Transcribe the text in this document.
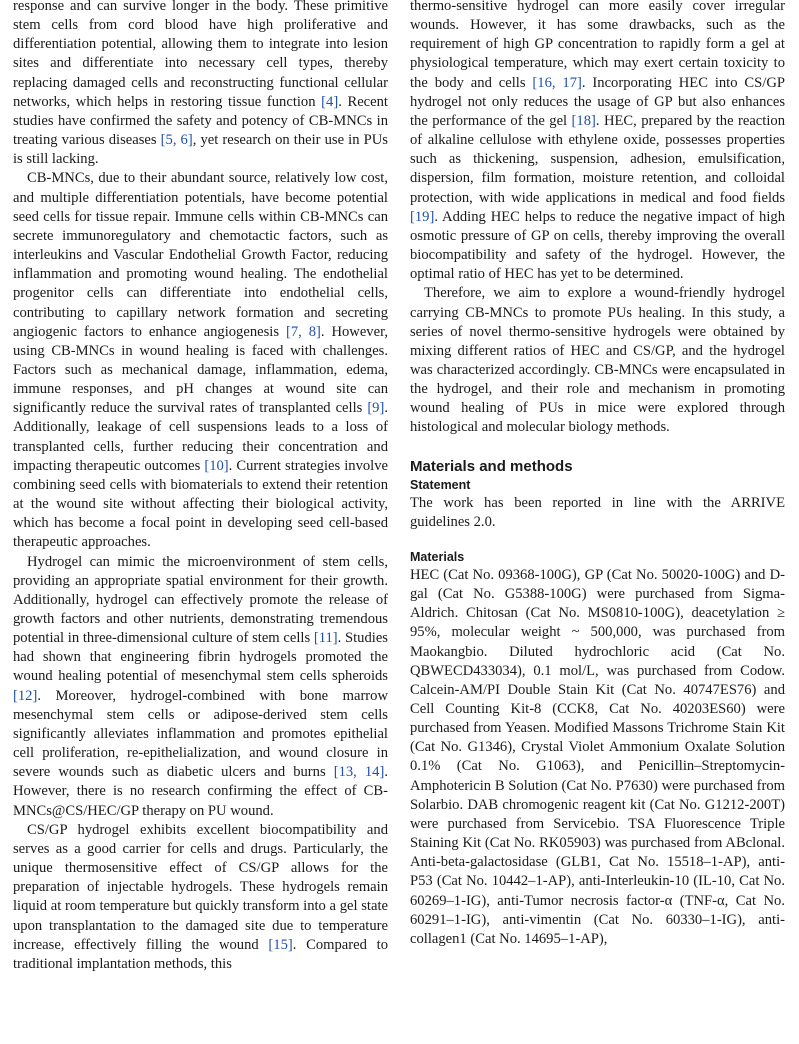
response and can survive longer in the body. These primitive stem cells from cord blood have high proliferative and differentiation potential, allowing them to integrate into lesion sites and differentiate into necessary cell types, thereby replacing damaged cells and reconstructing functional cellular networks, which helps in restoring tissue function [4]. Recent studies have confirmed the safety and potency of CB-MNCs in treating various diseases [5, 6], yet research on their use in PUs is still lacking.

CB-MNCs, due to their abundant source, relatively low cost, and multiple differentiation potentials, have become potential seed cells for tissue repair. Immune cells within CB-MNCs can secrete immunoregulatory and chemotactic factors, such as interleukins and Vascular Endothelial Growth Factor, reducing inflammation and promoting wound healing. The endothelial progenitor cells can differentiate into endothelial cells, contributing to capillary network formation and secreting angiogenic factors to enhance angiogenesis [7, 8]. However, using CB-MNCs in wound healing is faced with challenges. Factors such as mechanical damage, inflammation, edema, immune responses, and pH changes at wound site can significantly reduce the survival rates of transplanted cells [9]. Additionally, leakage of cell suspensions leads to a loss of transplanted cells, further reducing their concentration and impacting therapeutic outcomes [10]. Current strategies involve combining seed cells with biomaterials to extend their retention at the wound site without affecting their biological activity, which has become a focal point in developing seed cell-based therapeutic approaches.

Hydrogel can mimic the microenvironment of stem cells, providing an appropriate spatial environment for their growth. Additionally, hydrogel can effectively promote the release of growth factors and other nutrients, demonstrating tremendous potential in three-dimensional culture of stem cells [11]. Studies had shown that engineering fibrin hydrogels promoted the wound healing potential of mesenchymal stem cells spheroids [12]. Moreover, hydrogel-combined with bone marrow mesenchymal stem cells or adipose-derived stem cells significantly alleviates inflammation and promotes epithelial cell proliferation, re-epithelialization, and wound closure in severe wounds such as diabetic ulcers and burns [13, 14]. However, there is no research confirming the effect of CB-MNCs@CS/HEC/GP therapy on PU wound.

CS/GP hydrogel exhibits excellent biocompatibility and serves as a good carrier for cells and drugs. Particularly, the unique thermosensitive effect of CS/GP allows for the preparation of injectable hydrogels. These hydrogels remain liquid at room temperature but quickly transform into a gel state upon transplantation to the damaged site due to temperature increase, effectively filling the wound [15]. Compared to traditional implantation methods, this

thermo-sensitive hydrogel can more easily cover irregular wounds. However, it has some drawbacks, such as the requirement of high GP concentration to rapidly form a gel at physiological temperature, which may exert certain toxicity to the body and cells [16, 17]. Incorporating HEC into CS/GP hydrogel not only reduces the usage of GP but also enhances the performance of the gel [18]. HEC, prepared by the reaction of alkaline cellulose with ethylene oxide, possesses properties such as thickening, suspension, adhesion, emulsification, dispersion, film formation, moisture retention, and colloidal protection, with wide applications in medical and food fields [19]. Adding HEC helps to reduce the negative impact of high osmotic pressure of GP on cells, thereby improving the overall biocompatibility and safety of the hydrogel. However, the optimal ratio of HEC has yet to be determined.

Therefore, we aim to explore a wound-friendly hydrogel carrying CB-MNCs to promote PUs healing. In this study, a series of novel thermo-sensitive hydrogels were obtained by mixing different ratios of HEC and CS/GP, and the hydrogel was characterized accordingly. CB-MNCs were encapsulated in the hydrogel, and their role and mechanism in promoting wound healing of PUs in mice were explored through histological and molecular biology methods.

Materials and methods
Statement

The work has been reported in line with the ARRIVE guidelines 2.0.

Materials

HEC (Cat No. 09368-100G), GP (Cat No. 50020-100G) and D-gal (Cat No. G5388-100G) were purchased from Sigma-Aldrich. Chitosan (Cat No. MS0810-100G), deacetylation ≥ 95%, molecular weight ~ 500,000, was purchased from Maokangbio. Diluted hydrochloric acid (Cat No. QBWECD433034), 0.1 mol/L, was purchased from Codow. Calcein-AM/PI Double Stain Kit (Cat No. 40747ES76) and Cell Counting Kit-8 (CCK8, Cat No. 40203ES60) were purchased from Yeasen. Modified Massons Trichrome Stain Kit (Cat No. G1346), Crystal Violet Ammonium Oxalate Solution 0.1% (Cat No. G1063), and Penicillin–Streptomycin- Amphotericin B Solution (Cat No. P7630) were purchased from Solarbio. DAB chromogenic reagent kit (Cat No. G1212-200T) were purchased from Servicebio. TSA Fluorescence Triple Staining Kit (Cat No. RK05903) was purchased from ABclonal. Anti-beta-galactosidase (GLB1, Cat No. 15518–1-AP), anti-P53 (Cat No. 10442–1-AP), anti-Interleukin-10 (IL-10, Cat No. 60269–1-IG), anti-Tumor necrosis factor-α (TNF-α, Cat No. 60291–1-IG), anti-vimentin (Cat No. 60330–1-IG), anti-collagen1 (Cat No. 14695–1-AP),
